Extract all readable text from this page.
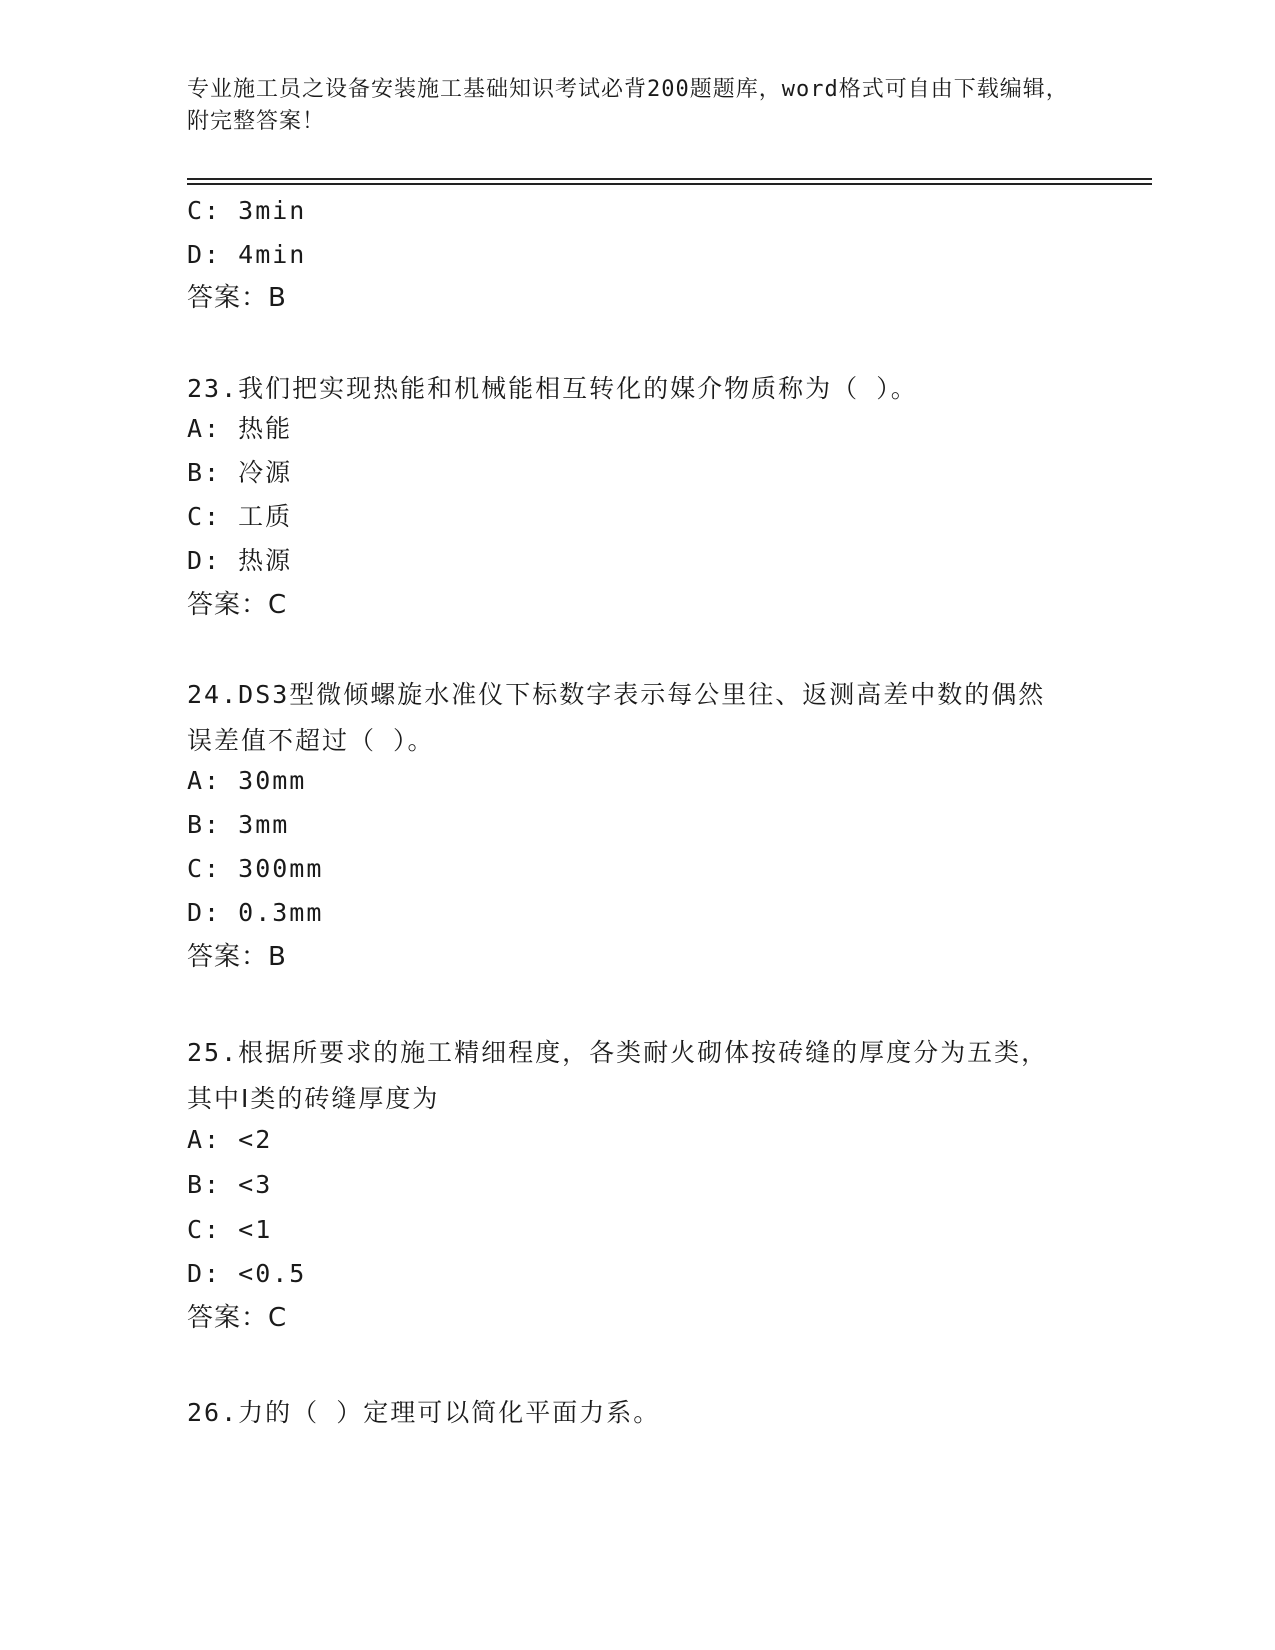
专业施工员之设备安装施工基础知识考试必背200题题库，word格式可自由下载编辑，附完整答案！
C: 3min
D: 4min
答案：B
23.我们把实现热能和机械能相互转化的媒介物质称为（ ）。
A: 热能
B: 冷源
C: 工质
D: 热源
答案：C
24.DS3型微倾螺旋水准仪下标数字表示每公里往、返测高差中数的偶然误差值不超过（ ）。
A: 30mm
B: 3mm
C: 300mm
D: 0.3mm
答案：B
25.根据所要求的施工精细程度，各类耐火砌体按砖缝的厚度分为五类，其中Ⅰ类的砖缝厚度为
A: <2
B: <3
C: <1
D: <0.5
答案：C
26.力的（ ）定理可以简化平面力系。
